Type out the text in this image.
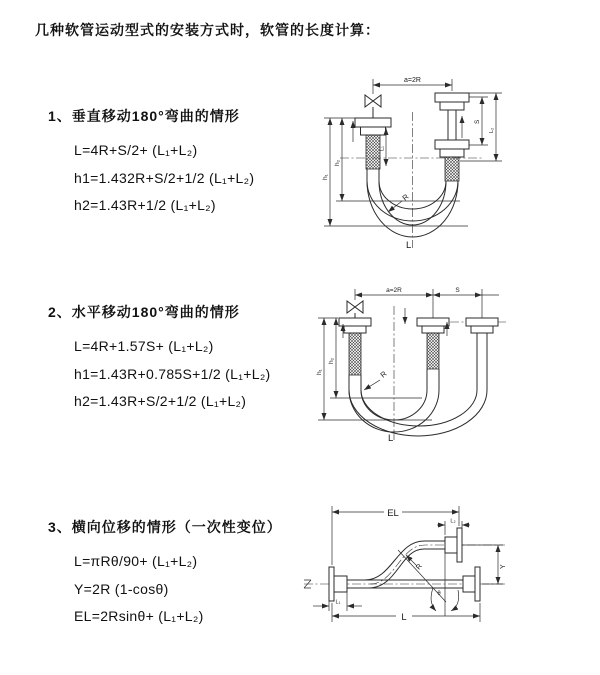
几种软管运动型式的安装方式时，软管的长度计算：
1、垂直移动180°弯曲的情形
L=4R+S/2+ (L₁+L₂)
h1=1.432R+S/2+1/2 (L₁+L₂)
h2=1.43R+1/2 (L₁+L₂)
a=2R
h₁
h₂
L₁
S
L₂
R
L
2、水平移动180°弯曲的情形
L=4R+1.57S+ (L₁+L₂)
h1=1.43R+0.785S+1/2 (L₁+L₂)
h2=1.43R+S/2+1/2 (L₁+L₂)
a=2R	S
h₁
h₂
R
L
3、横向位移的情形（一次性变位）
L=πRθ/90+ (L₁+L₂)
Y=2R (1-cosθ)
EL=2Rsinθ+ (L₁+L₂)
EL
L₂
Y
θ
R
L₁
L
